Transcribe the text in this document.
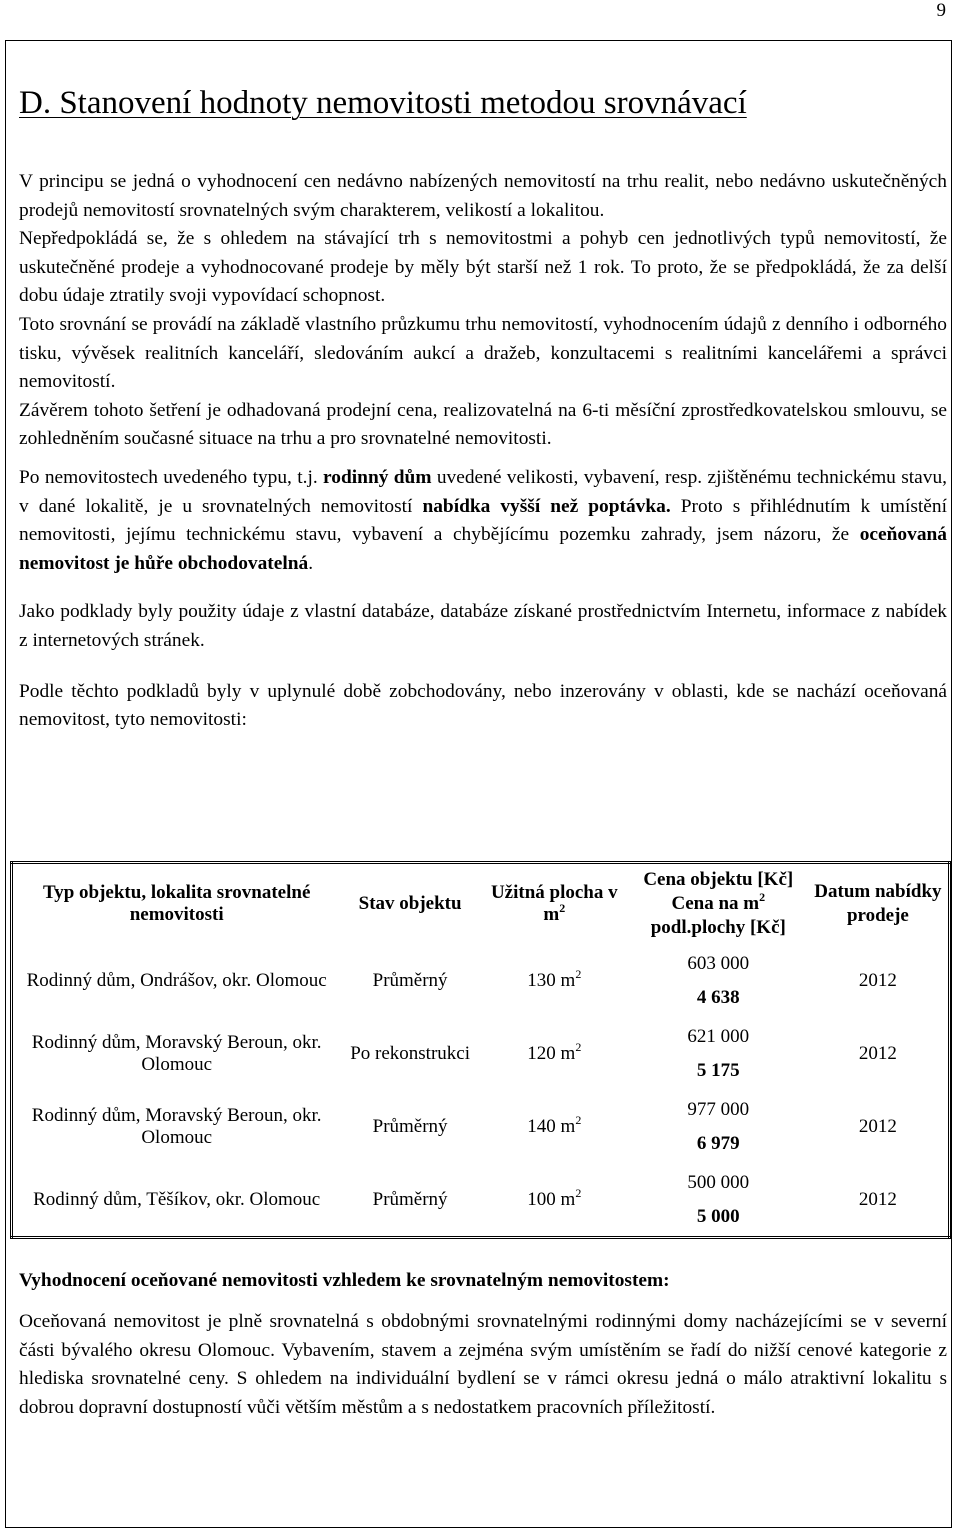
9
D. Stanovení hodnoty nemovitosti metodou srovnávací

V principu se jedná o vyhodnocení cen nedávno nabízených nemovitostí na trhu realit, nebo nedávno uskutečněných prodejů nemovitostí srovnatelných svým charakterem, velikostí a lokalitou.

Nepředpokládá se, že s ohledem na stávající trh s nemovitostmi a pohyb cen jednotlivých typů nemovitostí, že uskutečněné prodeje a vyhodnocované prodeje by měly být starší než 1 rok. To proto, že se předpokládá, že za delší dobu údaje ztratily svoji vypovídací schopnost.

Toto srovnání se provádí na základě vlastního průzkumu trhu nemovitostí, vyhodnocením údajů z denního i odborného tisku, vývěsek realitních kanceláří, sledováním aukcí a dražeb, konzultacemi s realitními kancelářemi a správci nemovitostí.

Závěrem tohoto šetření je odhadovaná prodejní cena, realizovatelná na 6-ti měsíční zprostředkovatelskou smlouvu, se zohledněním současné situace na trhu a pro srovnatelné nemovitosti.

Po nemovitostech uvedeného typu, t.j. rodinný dům uvedené velikosti, vybavení, resp. zjištěnému technickému stavu, v dané lokalitě, je u srovnatelných nemovitostí nabídka vyšší než poptávka. Proto s přihlédnutím k umístění nemovitosti, jejímu technickému stavu, vybavení a chybějícímu pozemku zahrady, jsem názoru, že oceňovaná nemovitost je hůře obchodovatelná.

Jako podklady byly použity údaje z vlastní databáze, databáze získané prostřednictvím Internetu, informace z nabídek z internetových stránek.

Podle těchto podkladů byly v uplynulé době zobchodovány, nebo inzerovány v oblasti, kde se nachází oceňovaná nemovitost, tyto nemovitosti:

Typ objektu, lokalita srovnatelné nemovitosti	Stav objektu	Užitná plocha v $m^2$	Cena objektu [Kč]
Cena na $m^2$
podl.plochy [Kč]	Datum nabídky prodeje
Rodinný dům, Ondrášov, okr. Olomouc	Průměrný	130 $m^2$	603 000
4 638	2012
Rodinný dům, Moravský Beroun, okr. Olomouc	Po rekonstrukci	120 $m^2$	621 000
5 175	2012
Rodinný dům, Moravský Beroun, okr. Olomouc	Průměrný	140 $m^2$	977 000
6 979	2012
Rodinný dům, Těšíkov, okr. Olomouc	Průměrný	100 $m^2$	500 000
5 000	2012
Vyhodnocení oceňované nemovitosti vzhledem ke srovnatelným nemovitostem:

Oceňovaná nemovitost je plně srovnatelná s obdobnými srovnatelnými rodinnými domy nacházejícími se v severní části bývalého okresu Olomouc. Vybavením, stavem a zejména svým umístěním se řadí do nižší cenové kategorie z hlediska srovnatelné ceny. S ohledem na individuální bydlení se v rámci okresu jedná o málo atraktivní lokalitu s dobrou dopravní dostupností vůči větším městům a s nedostatkem pracovních příležitostí.
